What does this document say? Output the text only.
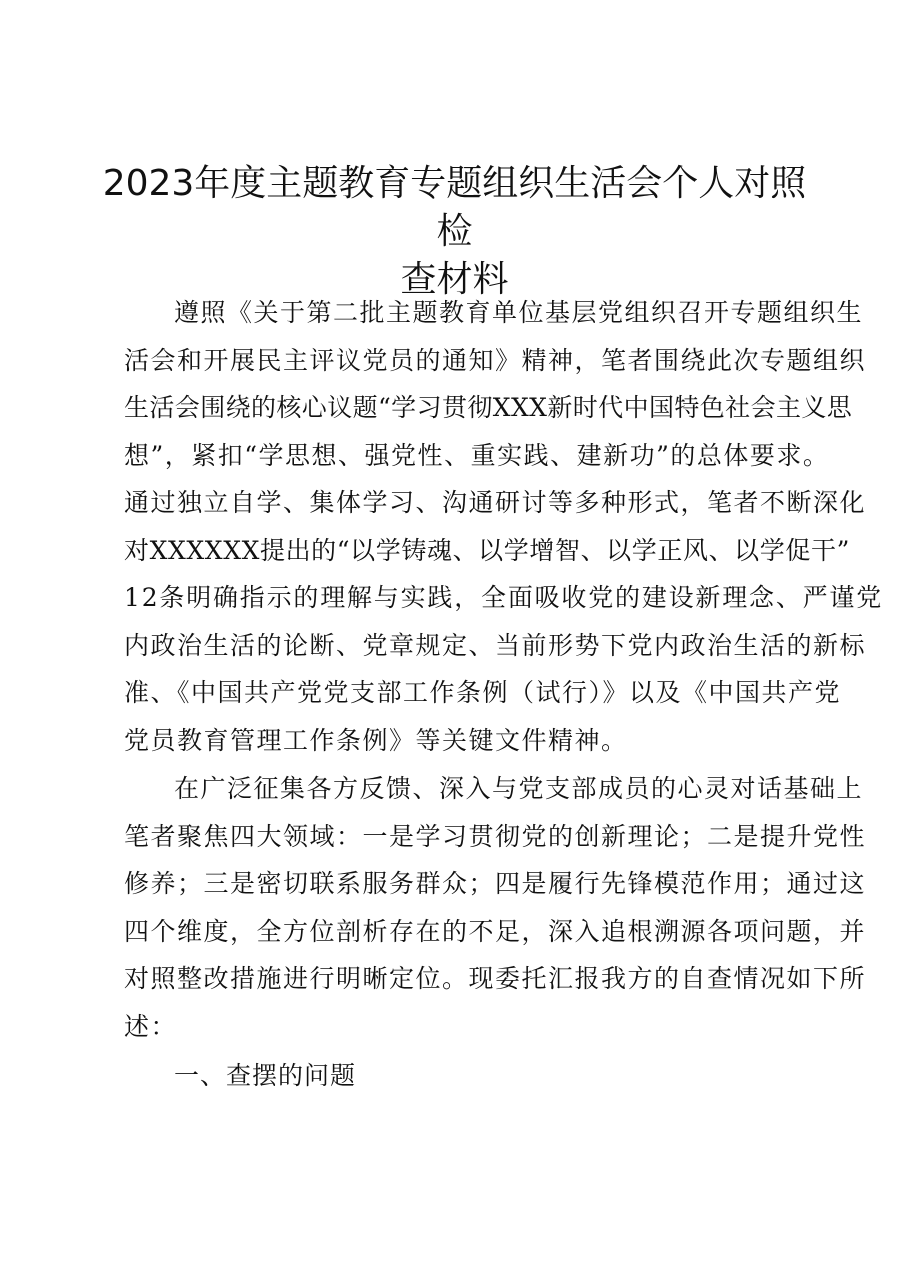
2023年度主题教育专题组织生活会个人对照检
查材料
遵照《关于第二批主题教育单位基层党组织召开专题组织生
活会和开展民主评议党员的通知》精神，笔者围绕此次专题组织
生活会围绕的核心议题“学习贯彻XXX新时代中国特色社会主义思
想”，紧扣“学思想、强党性、重实践、建新功”的总体要求。
通过独立自学、集体学习、沟通研讨等多种形式，笔者不断深化
对XXXXXX提出的“以学铸魂、以学增智、以学正风、以学促干”
12条明确指示的理解与实践，全面吸收党的建设新理念、严谨党
内政治生活的论断、党章规定、当前形势下党内政治生活的新标
准、《中国共产党党支部工作条例（试行）》以及《中国共产党
党员教育管理工作条例》等关键文件精神。
在广泛征集各方反馈、深入与党支部成员的心灵对话基础上
笔者聚焦四大领域：一是学习贯彻党的创新理论；二是提升党性
修养；三是密切联系服务群众；四是履行先锋模范作用；通过这
四个维度，全方位剖析存在的不足，深入追根溯源各项问题，并
对照整改措施进行明晰定位。现委托汇报我方的自查情况如下所
述：
一、查摆的问题
